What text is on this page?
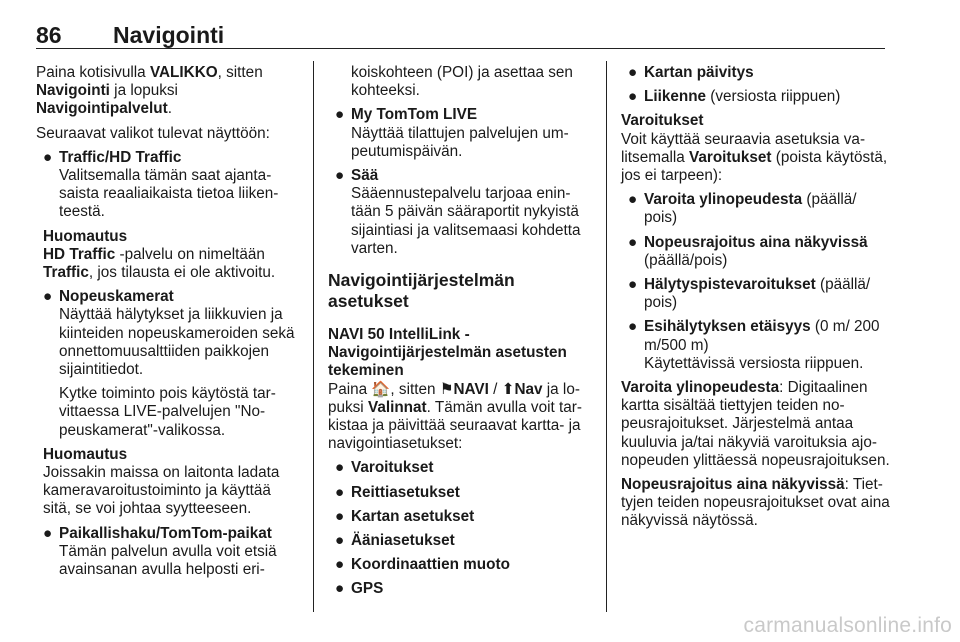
86 Navigointi

Paina kotisivulla VALIKKO, sitten
Navigointi ja lopuksi
Navigointipalvelut.

Seuraavat valikot tulevat näyttöön:

● Traffic/HD Traffic
Valitsemalla tämän saat ajantasaista reaaliaikaista tietoa liikenteestä.
Huomautus
HD Traffic -palvelu on nimeltään
Traffic, jos tilausta ei ole aktivoitu.
● Nopeuskamerat
Näyttää hälytykset ja liikkuvien ja kiinteiden nopeuskameroiden sekä onnettomuusalttiiden paikkojen sijaintitiedot.
Kytke toiminto pois käytöstä tarvittaessa LIVE-palvelujen "Nopeuskamerat"-valikossa.
Huomautus
Joissakin maissa on laitonta ladata kameravaroitustoiminto ja käyttää sitä, se voi johtaa syytteeseen.
● Paikallishaku/TomTom-paikat
Tämän palvelun avulla voit etsiä avainsanan avulla helposti eri-
koiskohteen (POI) ja asettaa sen kohteeksi.
● My TomTom LIVE
Näyttää tilattujen palvelujen umpeutumispäivän.
● Sää
Sääennustepalvelu tarjoaa enintään 5 päivän sääraportit nykyistä sijaintiasi ja valitsemaasi kohdetta varten.
Navigointijärjestelmän asetukset
NAVI 50 IntelliLink - Navigointijärjestelmän asetusten tekeminen

Paina 🏠, sitten ⚑NAVI / ⬆Nav ja lopuksi Valinnat. Tämän avulla voit tarkistaa ja päivittää seuraavat kartta- ja navigointiasetukset:

● Varoitukset
● Reittiasetukset
● Kartan asetukset
● Ääniasetukset
● Koordinaattien muoto
● GPS
● Kartan päivitys
● Liikenne (versiosta riippuen)
Varoitukset

Voit käyttää seuraavia asetuksia valitsemalla Varoitukset (poista käytöstä, jos ei tarpeen):

● Varoita ylinopeudesta (päällä/ pois)
● Nopeusrajoitus aina näkyvissä (päällä/pois)
● Hälytyspistevaroitukset (päällä/ pois)
● Esihälytyksen etäisyys (0 m/ 200 m/500 m)
Käytettävissä versiosta riippuen.

Varoita ylinopeudesta: Digitaalinen kartta sisältää tiettyjen teiden nopeusrajoitukset. Järjestelmä antaa kuuluvia ja/tai näkyviä varoituksia ajonopeuden ylittäessä nopeusrajoituksen.

Nopeusrajoitus aina näkyvissä: Tiettyjen teiden nopeusrajoitukset ovat aina näkyvissä näytössä.

carmanualsonline.info
